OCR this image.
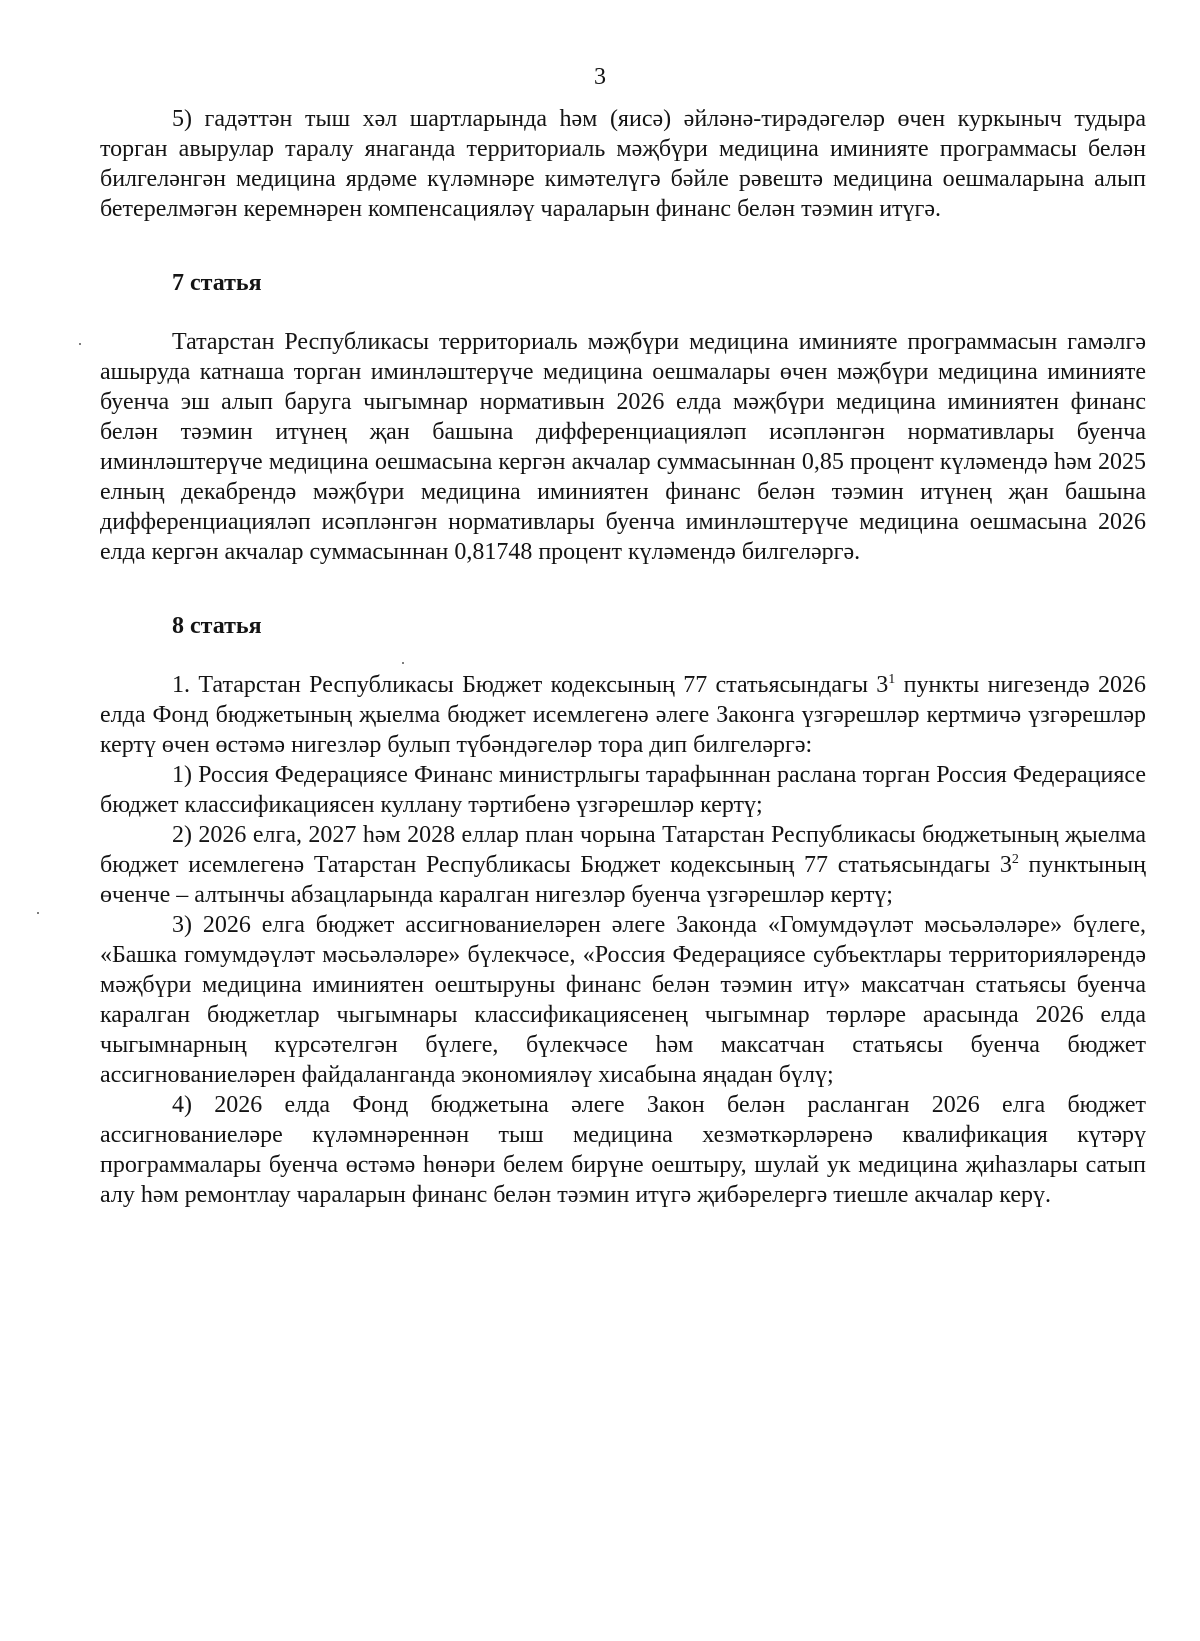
3

5) гадәттән тыш хәл шартларында һәм (яисә) әйләнә-тирәдәгеләр өчен куркыныч тудыра торган авырулар таралу янаганда территориаль мәҗбүри медицина иминияте программасы белән билгеләнгән медицина ярдәме күләмнәре кимәтелүгә бәйле рәвештә медицина оешмаларына алып бетерелмәгән керемнәрен компенсацияләү чараларын финанс белән тәэмин итүгә.

7 статья

Татарстан Республикасы территориаль мәҗбүри медицина иминияте программасын гамәлгә ашыруда катнаша торган иминләштерүче медицина оешмалары өчен мәҗбүри медицина иминияте буенча эш алып баруга чыгымнар нормативын 2026 елда мәҗбүри медицина иминиятен финанс белән тәэмин итүнең җан башына дифференциацияләп исәпләнгән нормативлары буенча иминләштерүче медицина оешмасына кергән акчалар суммасыннан 0,85 процент күләмендә һәм 2025 елның декабрендә мәҗбүри медицина иминиятен финанс белән тәэмин итүнең җан башына дифференциацияләп исәпләнгән нормативлары буенча иминләштерүче медицина оешмасына 2026 елда кергән акчалар суммасыннан 0,81748 процент күләмендә билгеләргә.

8 статья

1. Татарстан Республикасы Бюджет кодексының 77 статьясындагы $3^1$ пункты нигезендә 2026 елда Фонд бюджетының җыелма бюджет исемлегенә әлеге Законга үзгәрешләр кертмичә үзгәрешләр кертү өчен өстәмә нигезләр булып түбәндәгеләр тора дип билгеләргә:

1) Россия Федерациясе Финанс министрлыгы тарафыннан раслана торган Россия Федерациясе бюджет классификациясен куллану тәртибенә үзгәрешләр кертү;

2) 2026 елга, 2027 һәм 2028 еллар план чорына Татарстан Республикасы бюджетының җыелма бюджет исемлегенә Татарстан Республикасы Бюджет кодексының 77 статьясындагы $3^2$ пунктының өченче – алтынчы абзацларында каралган нигезләр буенча үзгәрешләр кертү;

3) 2026 елга бюджет ассигнованиеләрен әлеге Законда «Гомумдәүләт мәсьәләләре» бүлеге, «Башка гомумдәүләт мәсьәләләре» бүлекчәсе, «Россия Федерациясе субъектлары территорияләрендә мәҗбүри медицина иминиятен оештыруны финанс белән тәэмин итү» максатчан статьясы буенча каралган бюджетлар чыгымнары классификациясенең чыгымнар төрләре арасында 2026 елда чыгымнарның күрсәтелгән бүлеге, бүлекчәсе һәм максатчан статьясы буенча бюджет ассигнованиеләрен файдаланганда экономияләү хисабына яңадан бүлү;

4) 2026 елда Фонд бюджетына әлеге Закон белән расланган 2026 елга бюджет ассигнованиеләре күләмнәреннән тыш медицина хезмәткәрләренә квалификация күтәрү программалары буенча өстәмә һөнәри белем бирүне оештыру, шулай ук медицина җиһазлары сатып алу һәм ремонтлау чараларын финанс белән тәэмин итүгә җибәрелергә тиешле акчалар керү.
